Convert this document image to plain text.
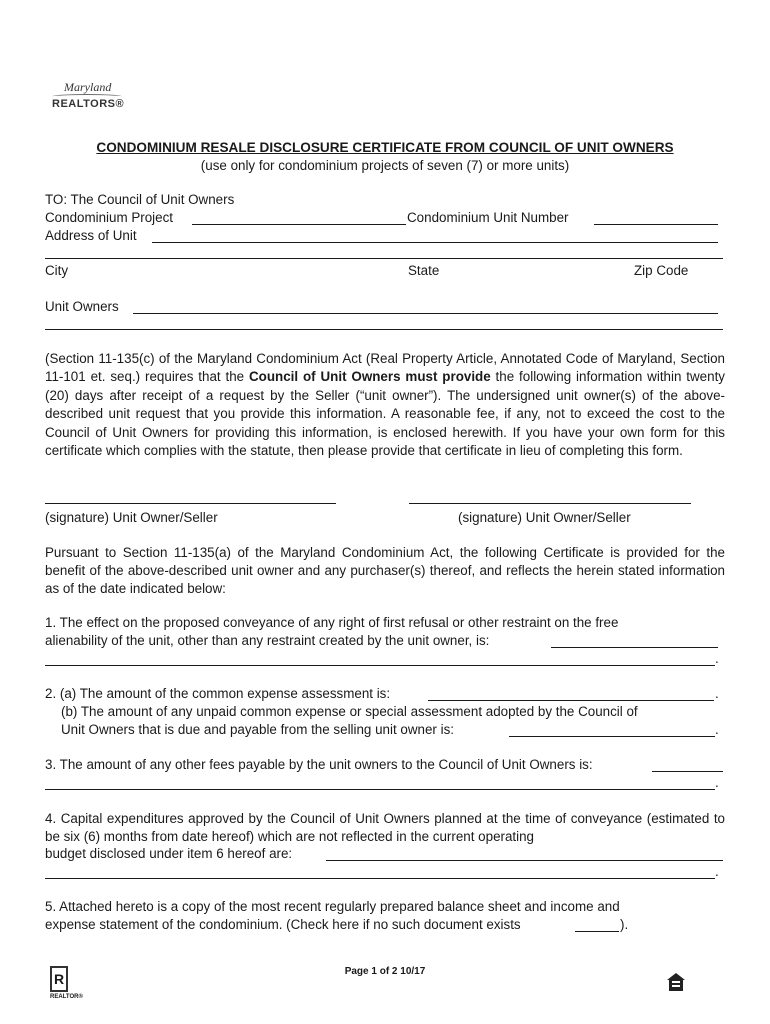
Maryland
REALTORS®
CONDOMINIUM RESALE DISCLOSURE CERTIFICATE FROM COUNCIL OF UNIT OWNERS
(use only for condominium projects of seven (7) or more units)
TO: The Council of Unit Owners
Condominium Project	Condominium Unit Number
Address of Unit
City	State	Zip Code
Unit Owners
(Section 11-135(c) of the Maryland Condominium Act (Real Property Article, Annotated Code of Maryland, Section 11-101 et. seq.) requires that the Council of Unit Owners must provide the following information within twenty (20) days after receipt of a request by the Seller (“unit owner”). The undersigned unit owner(s) of the above-described unit request that you provide this information. A reasonable fee, if any, not to exceed the cost to the Council of Unit Owners for providing this information, is enclosed herewith. If you have your own form for this certificate which complies with the statute, then please provide that certificate in lieu of completing this form.
(signature) Unit Owner/Seller	(signature) Unit Owner/Seller
Pursuant to Section 11-135(a) of the Maryland Condominium Act, the following Certificate is provided for the benefit of the above-described unit owner and any purchaser(s) thereof, and reflects the herein stated information as of the date indicated below:
1. The effect on the proposed conveyance of any right of first refusal or other restraint on the free
alienability of the unit, other than any restraint created by the unit owner, is:
.
2. (a) The amount of the common expense assessment is:	.
(b) The amount of any unpaid common expense or special assessment adopted by the Council of
Unit Owners that is due and payable from the selling unit owner is:	.
3. The amount of any other fees payable by the unit owners to the Council of Unit Owners is:
.
4. Capital expenditures approved by the Council of Unit Owners planned at the time of conveyance (estimated to be six (6) months from date hereof) which are not reflected in the current operating
budget disclosed under item 6 hereof are:
.
5. Attached hereto is a copy of the most recent regularly prepared balance sheet and income and
expense statement of the condominium. (Check here if no such document exists	).
R
REALTOR®
Page 1 of 2 10/17
